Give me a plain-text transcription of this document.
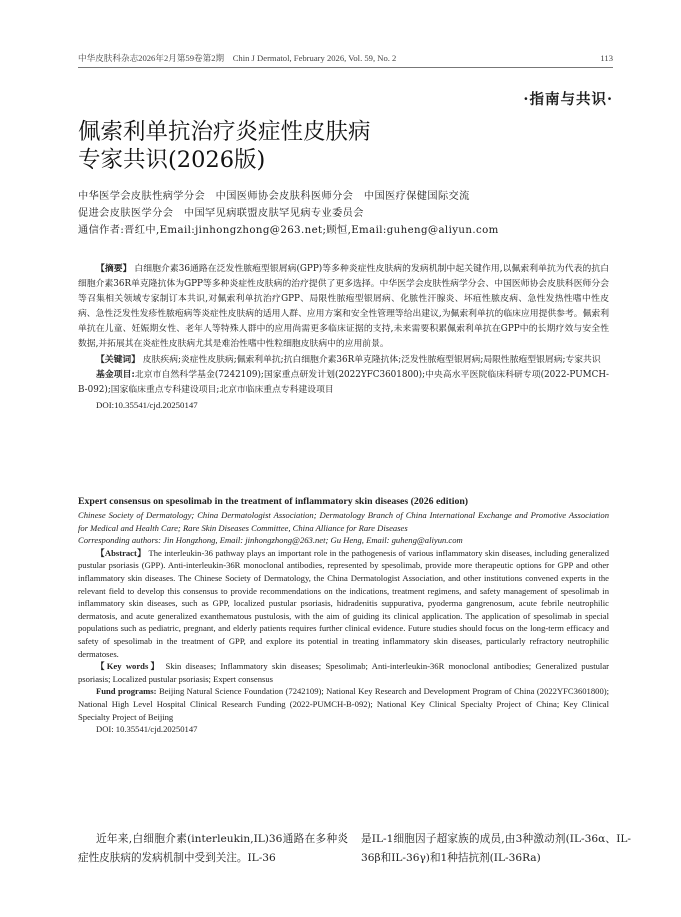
中华皮肤科杂志2026年2月第59卷第2期　Chin J Dermatol, February 2026, Vol. 59, No. 2	113
·指南与共识·
佩索利单抗治疗炎症性皮肤病
专家共识(2026版)
中华医学会皮肤性病学分会　中国医师协会皮肤科医师分会　中国医疗保健国际交流
促进会皮肤医学分会　中国罕见病联盟皮肤罕见病专业委员会
通信作者:晋红中,Email:jinhongzhong@263.net;顾恒,Email:guheng@aliyun.com

【摘要】 白细胞介素36通路在泛发性脓疱型银屑病(GPP)等多种炎症性皮肤病的发病机制中起关键作用,以佩索利单抗为代表的抗白细胞介素36R单克隆抗体为GPP等多种炎症性皮肤病的治疗提供了更多选择。中华医学会皮肤性病学分会、中国医师协会皮肤科医师分会等召集相关领域专家制订本共识,对佩索利单抗治疗GPP、局限性脓疱型银屑病、化脓性汗腺炎、坏疽性脓皮病、急性发热性嗜中性皮病、急性泛发性发疹性脓疱病等炎症性皮肤病的适用人群、应用方案和安全性管理等给出建议,为佩索利单抗的临床应用提供参考。佩索利单抗在儿童、妊娠期女性、老年人等特殊人群中的应用尚需更多临床证据的支持,未来需要积累佩索利单抗在GPP中的长期疗效与安全性数据,并拓展其在炎症性皮肤病尤其是难治性嗜中性粒细胞皮肤病中的应用前景。

【关键词】 皮肤疾病;炎症性皮肤病;佩索利单抗;抗白细胞介素36R单克隆抗体;泛发性脓疱型银屑病;局限性脓疱型银屑病;专家共识

基金项目:北京市自然科学基金(7242109);国家重点研发计划(2022YFC3601800);中央高水平医院临床科研专项(2022-PUMCH-B-092);国家临床重点专科建设项目;北京市临床重点专科建设项目

DOI:10.35541/cjd.20250147

Expert consensus on spesolimab in the treatment of inflammatory skin diseases (2026 edition)

Chinese Society of Dermatology; China Dermatologist Association; Dermatology Branch of China International Exchange and Promotive Association for Medical and Health Care; Rare Skin Diseases Committee, China Alliance for Rare Diseases

Corresponding authors: Jin Hongzhong, Email: jinhongzhong@263.net; Gu Heng, Email: guheng@aliyun.com

【Abstract】 The interleukin-36 pathway plays an important role in the pathogenesis of various inflammatory skin diseases, including generalized pustular psoriasis (GPP). Anti-interleukin-36R monoclonal antibodies, represented by spesolimab, provide more therapeutic options for GPP and other inflammatory skin diseases. The Chinese Society of Dermatology, the China Dermatologist Association, and other institutions convened experts in the relevant field to develop this consensus to provide recommendations on the indications, treatment regimens, and safety management of spesolimab in inflammatory skin diseases, such as GPP, localized pustular psoriasis, hidradenitis suppurativa, pyoderma gangrenosum, acute febrile neutrophilic dermatosis, and acute generalized exanthematous pustulosis, with the aim of guiding its clinical application. The application of spesolimab in special populations such as pediatric, pregnant, and elderly patients requires further clinical evidence. Future studies should focus on the long-term efficacy and safety of spesolimab in the treatment of GPP, and explore its potential in treating inflammatory skin diseases, particularly refractory neutrophilic dermatoses.

【Key words】 Skin diseases; Inflammatory skin diseases; Spesolimab; Anti-interleukin-36R monoclonal antibodies; Generalized pustular psoriasis; Localized pustular psoriasis; Expert consensus

Fund programs: Beijing Natural Science Foundation (7242109); National Key Research and Development Program of China (2022YFC3601800); National High Level Hospital Clinical Research Funding (2022-PUMCH-B-092); National Key Clinical Specialty Project of China; Key Clinical Specialty Project of Beijing

DOI: 10.35541/cjd.20250147

近年来,白细胞介素(interleukin,IL)36通路在多种炎症性皮肤病的发病机制中受到关注。IL-36

是IL-1细胞因子超家族的成员,由3种激动剂(IL-36α、IL-36β和IL-36γ)和1种拮抗剂(IL-36Ra)
